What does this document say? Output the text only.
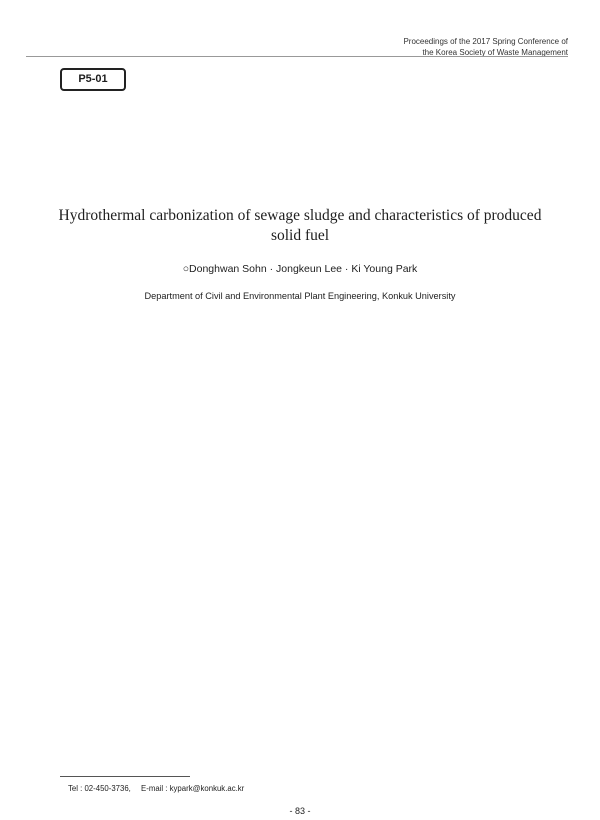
Proceedings of the 2017 Spring Conference of
the Korea Society of Waste Management
P5-01
Hydrothermal carbonization of sewage sludge and characteristics of produced solid fuel
○Donghwan Sohn · Jongkeun Lee · Ki Young Park
Department of Civil and Environmental Plant Engineering, Konkuk University
Tel : 02-450-3736, E-mail : kypark@konkuk.ac.kr
- 83 -
